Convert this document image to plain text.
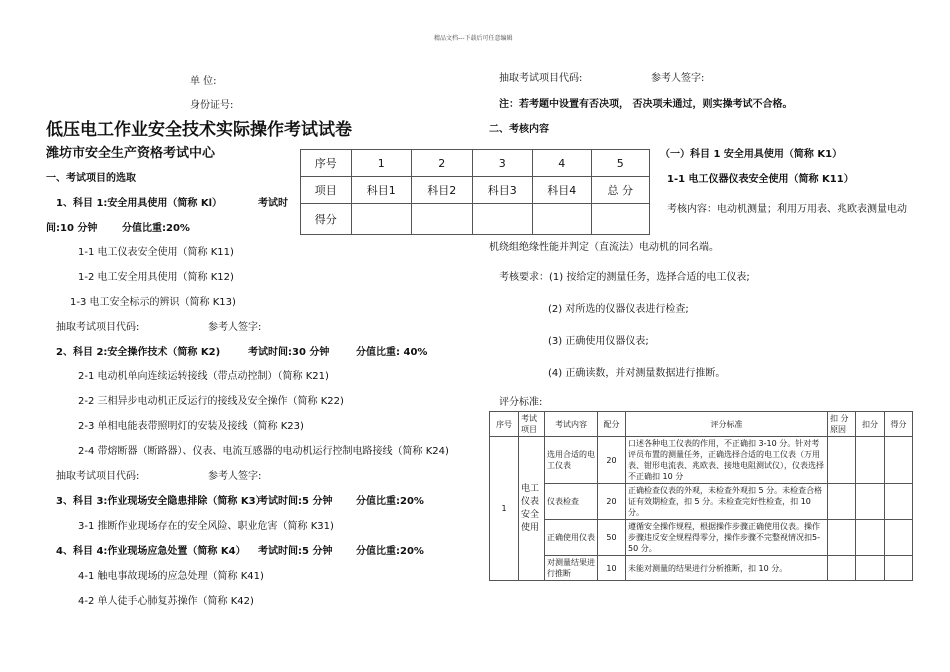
精品文档---下载后可任意编辑
单 位:
身份证号:
低压电工作业安全技术实际操作考试试卷
潍坊市安全生产资格考试中心
一、考试项目的选取
1、科目 1:安全用具使用（简称 Kl）	考试时
间:10 分钟 分值比重:20%
1-1 电工仪表安全使用（简称 K11)
1-2 电工安全用具使用（简称 K12)
1-3 电工安全标示的辨识（简称 K13)
抽取考试项目代码:	参考人签字:
2、科目 2:安全操作技术（简称 K2)	考试时间:30 分钟	分值比重: 40%
2-1 电动机单向连续运转接线（带点动控制）（简称 K21)
2-2 三相异步电动机正反运行的接线及安全操作（简称 K22)
2-3 单相电能表带照明灯的安装及接线（简称 K23)
2-4 带熔断器（断路器）、仪表、电流互感器的电动机运行控制电路接线（简称 K24)
抽取考试项目代码:	参考人签字:
3、科目 3:作业现场安全隐患排除（简称 K3）
考试时间:5 分钟 分值比重:20%
3-1 推断作业现场存在的安全风险、职业危害（简称 K31)
4、科目 4:作业现场应急处置（简称 K4） 考试时间:5 分钟 分值比重:20%
4-1 触电事故现场的应急处理（简称 K41)
4-2 单人徒手心肺复苏操作（简称 K42)
序号	1	2	3	4	5
项目	科目1	科目2	科目3	科目4	总 分
得分					
抽取考试项目代码:	参考人签字:
注：若考题中设置有否决项， 否决项未通过，则实操考试不合格。
二、考核内容
（一）科目 1 安全用具使用（简称 K1）
1-1 电工仪器仪表安全使用（简称 K11）
考核内容：电动机测量；利用万用表、兆欧表测量电动
机绕组绝缘性能并判定（直流法）电动机的同名端。
考核要求：(1) 按给定的测量任务，选择合适的电工仪表;
(2) 对所选的仪器仪表进行检查;
(3) 正确使用仪器仪表;
(4) 正确读数，并对测量数据进行推断。
评分标准:
序号	考试项目	考试内容	配分	评分标准	扣 分原因	扣分	得分
1	电工仪表安全使用	选用合适的电工仪表	20	口述各种电工仪表的作用，不正确扣 3-10 分。针对考评员布置的测量任务，正确选择合适的电工仪表（万用表、钳形电流表、兆欧表、接地电阻测试仪），仪表选择不正确扣 10 分			
		仪表检查	20	正确检查仪表的外观，未检查外观扣 5 分。未检查合格证有效期检查，扣 5 分。未检查完好性检查，扣 10 分。			
		正确使用仪表	50	遵循安全操作规程，根据操作步骤正确使用仪表。操作步骤违反安全规程得零分，操作步骤不完整视情况扣5-50 分。			
		对测量结果进行推断	10	未能对测量的结果进行分析推断，扣 10 分。			
